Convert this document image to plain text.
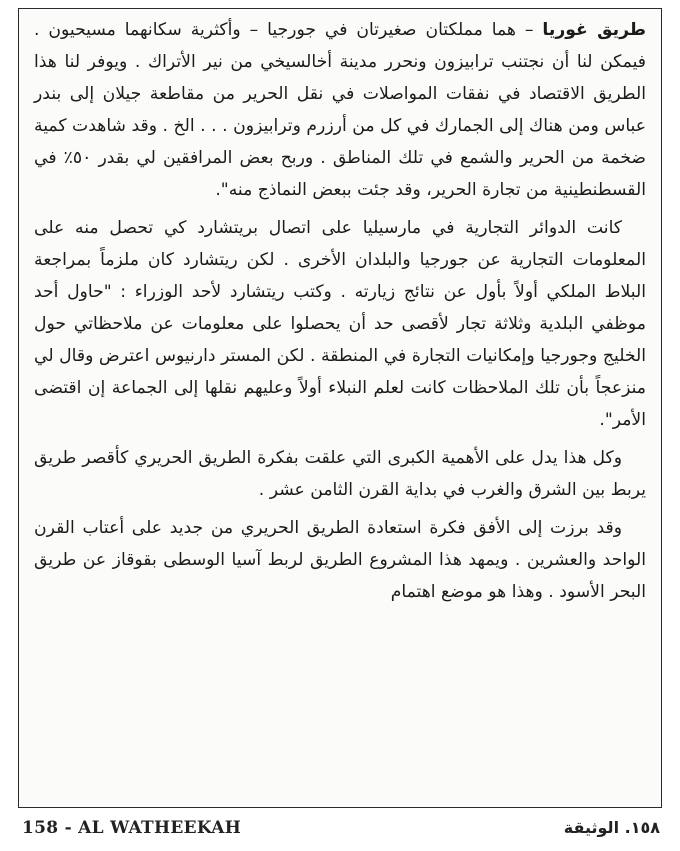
طريق غوريا – هما مملكتان صغيرتان في جورجيا – وأكثرية سكانهما مسيحيون . فيمكن لنا أن نجتنب ترابيزون ونحرر مدينة أخالسيخي من نير الأتراك . ويوفر لنا هذا الطريق الاقتصاد في نفقات المواصلات في نقل الحرير من مقاطعة جيلان إلى بندر عباس ومن هناك إلى الجمارك في كل من أرزرم وترابيزون . . . الخ . وقد شاهدت كمية ضخمة من الحرير والشمع في تلك المناطق . وربح بعض المرافقين لي بقدر ٥٠٪ في القسطنطينية من تجارة الحرير، وقد جئت ببعض النماذج منه".

كانت الدوائر التجارية في مارسيليا على اتصال بريتشارد كي تحصل منه على المعلومات التجارية عن جورجيا والبلدان الأخرى . لكن ريتشارد كان ملزماً بمراجعة البلاط الملكي أولاً بأول عن نتائج زيارته . وكتب ريتشارد لأحد الوزراء : "حاول أحد موظفي البلدية وثلاثة تجار لأقصى حد أن يحصلوا على معلومات عن ملاحظاتي حول الخليج وجورجيا وإمكانيات التجارة في المنطقة . لكن المستر دارنيوس اعترض وقال لي منزعجاً بأن تلك الملاحظات كانت لعلم النبلاء أولاً وعليهم نقلها إلى الجماعة إن اقتضى الأمر".

وكل هذا يدل على الأهمية الكبرى التي علقت بفكرة الطريق الحريري كأقصر طريق يربط بين الشرق والغرب في بداية القرن الثامن عشر .

وقد برزت إلى الأفق فكرة استعادة الطريق الحريري من جديد على أعتاب القرن الواحد والعشرين . ويمهد هذا المشروع الطريق لربط آسيا الوسطى بقوقاز عن طريق البحر الأسود . وهذا هو موضع اهتمام

158 - AL WATHEEKAH	١٥٨. الوثيقة
